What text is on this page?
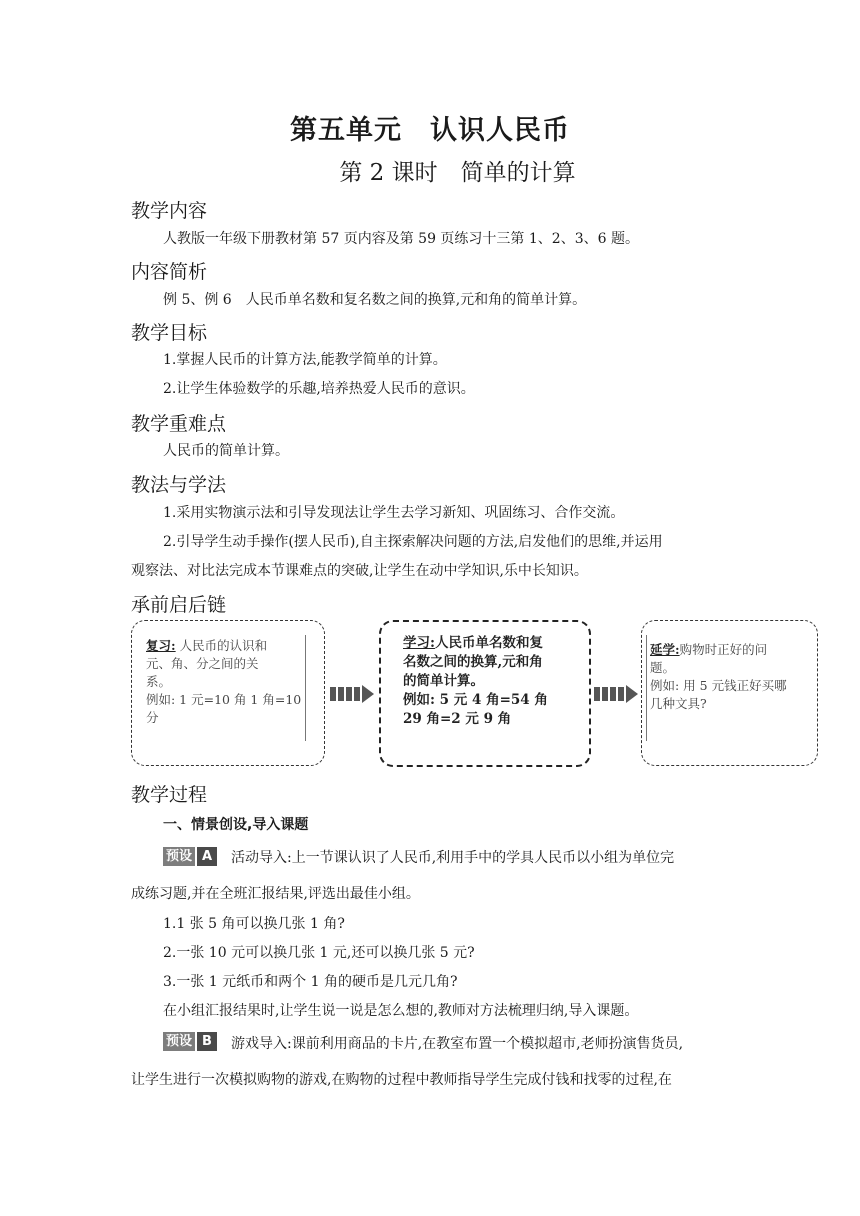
第五单元　认识人民币
第 2 课时　简单的计算
教学内容
人教版一年级下册教材第 57 页内容及第 59 页练习十三第 1、2、3、6 题。
内容简析
例 5、例 6　人民币单名数和复名数之间的换算,元和角的简单计算。
教学目标
1.掌握人民币的计算方法,能教学简单的计算。
2.让学生体验数学的乐趣,培养热爱人民币的意识。
教学重难点
人民币的简单计算。
教法与学法
1.采用实物演示法和引导发现法让学生去学习新知、巩固练习、合作交流。
2.引导学生动手操作(摆人民币),自主探索解决问题的方法,启发他们的思维,并运用
观察法、对比法完成本节课难点的突破,让学生在动中学知识,乐中长知识。
承前启后链
复习: 人民币的认识和
元、角、分之间的关
系。
例如: 1 元=10 角 1 角=10
分
学习:人民币单名数和复
名数之间的换算,元和角
的简单计算。
例如: 5 元 4 角=54 角
29 角=2 元 9 角
延学:购物时正好的问
题。
例如: 用 5 元钱正好买哪
几种文具?
教学过程
一、情景创设,导入课题
预设 A	活动导入:上一节课认识了人民币,利用手中的学具人民币以小组为单位完
成练习题,并在全班汇报结果,评选出最佳小组。
1.1 张 5 角可以换几张 1 角?
2.一张 10 元可以换几张 1 元,还可以换几张 5 元?
3.一张 1 元纸币和两个 1 角的硬币是几元几角?
在小组汇报结果时,让学生说一说是怎么想的,教师对方法梳理归纳,导入课题。
预设 B	游戏导入:课前利用商品的卡片,在教室布置一个模拟超市,老师扮演售货员,
让学生进行一次模拟购物的游戏,在购物的过程中教师指导学生完成付钱和找零的过程,在
